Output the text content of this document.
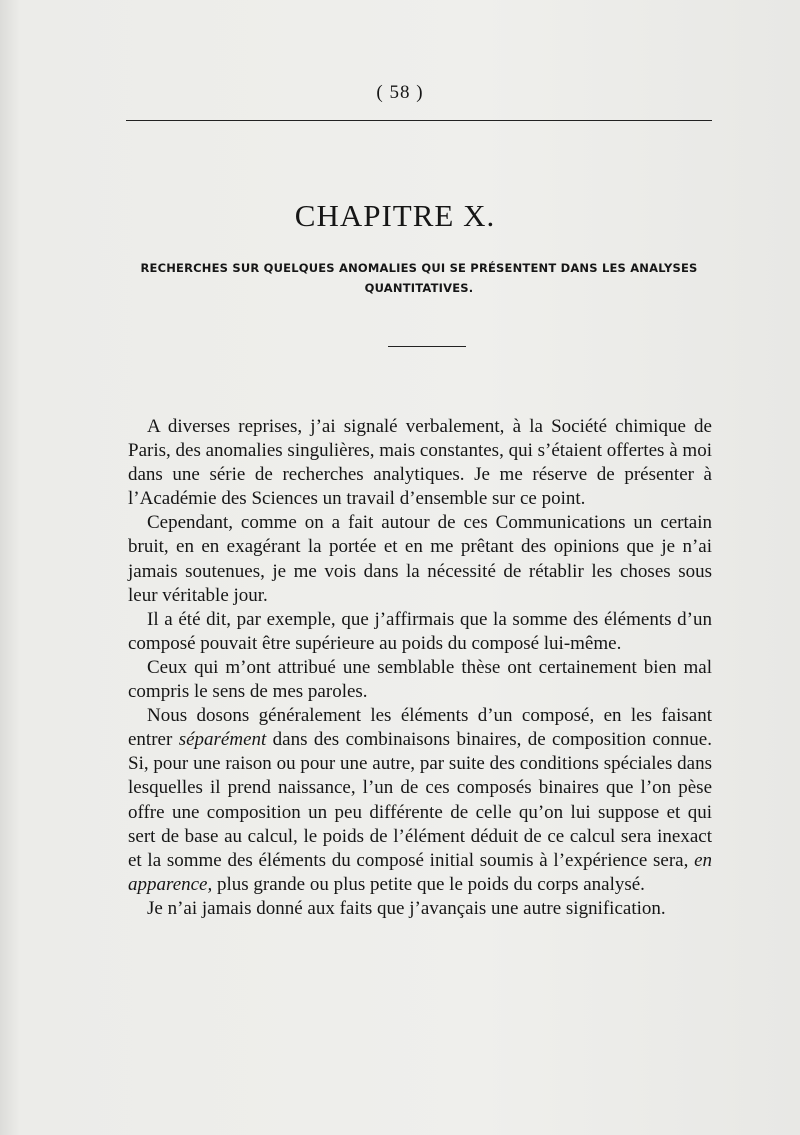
( 58 )
CHAPITRE X.
RECHERCHES SUR QUELQUES ANOMALIES QUI SE PRÉSENTENT DANS LES ANALYSES
QUANTITATIVES.

A diverses reprises, j’ai signalé verbalement, à la Société chimique de Paris, des anomalies singulières, mais constantes, qui s’étaient offertes à moi dans une série de recherches analytiques. Je me réserve de présenter à l’Académie des Sciences un travail d’ensemble sur ce point.

Cependant, comme on a fait autour de ces Communications un certain bruit, en en exagérant la portée et en me prêtant des opinions que je n’ai jamais soutenues, je me vois dans la nécessité de rétablir les choses sous leur véritable jour.

Il a été dit, par exemple, que j’affirmais que la somme des éléments d’un composé pouvait être supérieure au poids du composé lui-même.

Ceux qui m’ont attribué une semblable thèse ont certainement bien mal compris le sens de mes paroles.

Nous dosons généralement les éléments d’un composé, en les faisant entrer séparément dans des combinaisons binaires, de composition connue. Si, pour une raison ou pour une autre, par suite des conditions spéciales dans lesquelles il prend naissance, l’un de ces composés binaires que l’on pèse offre une composition un peu différente de celle qu’on lui suppose et qui sert de base au calcul, le poids de l’élément déduit de ce calcul sera inexact et la somme des éléments du composé initial soumis à l’expérience sera, en apparence, plus grande ou plus petite que le poids du corps analysé.

Je n’ai jamais donné aux faits que j’avançais une autre signification.
